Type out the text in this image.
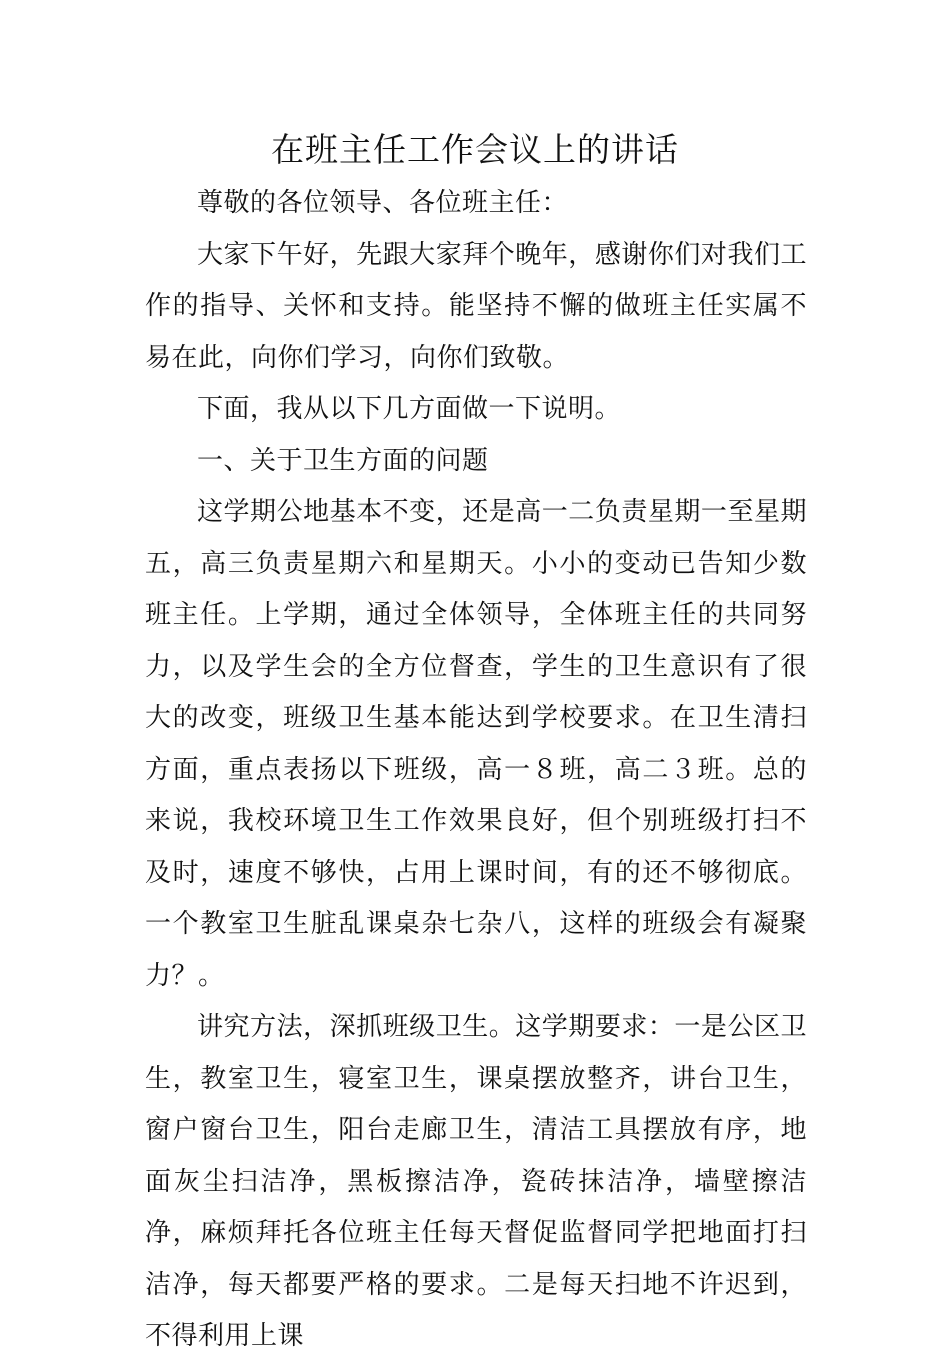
在班主任工作会议上的讲话

尊敬的各位领导、各位班主任：

大家下午好，先跟大家拜个晚年，感谢你们对我们工作的指导、关怀和支持。能坚持不懈的做班主任实属不易在此，向你们学习，向你们致敬。

下面，我从以下几方面做一下说明。

一、关于卫生方面的问题

这学期公地基本不变，还是高一二负责星期一至星期五，高三负责星期六和星期天。小小的变动已告知少数班主任。上学期，通过全体领导，全体班主任的共同努力，以及学生会的全方位督查，学生的卫生意识有了很大的改变，班级卫生基本能达到学校要求。在卫生清扫方面，重点表扬以下班级，高一８班，高二３班。总的来说，我校环境卫生工作效果良好，但个别班级打扫不及时，速度不够快，占用上课时间，有的还不够彻底。一个教室卫生脏乱课桌杂七杂八，这样的班级会有凝聚力？。

讲究方法，深抓班级卫生。这学期要求：一是公区卫生，教室卫生，寝室卫生，课桌摆放整齐，讲台卫生，窗户窗台卫生，阳台走廊卫生，清洁工具摆放有序，地面灰尘扫洁净，黑板擦洁净，瓷砖抹洁净，墙壁擦洁净，麻烦拜托各位班主任每天督促监督同学把地面打扫洁净，每天都要严格的要求。二是每天扫地不许迟到，不得利用上课
